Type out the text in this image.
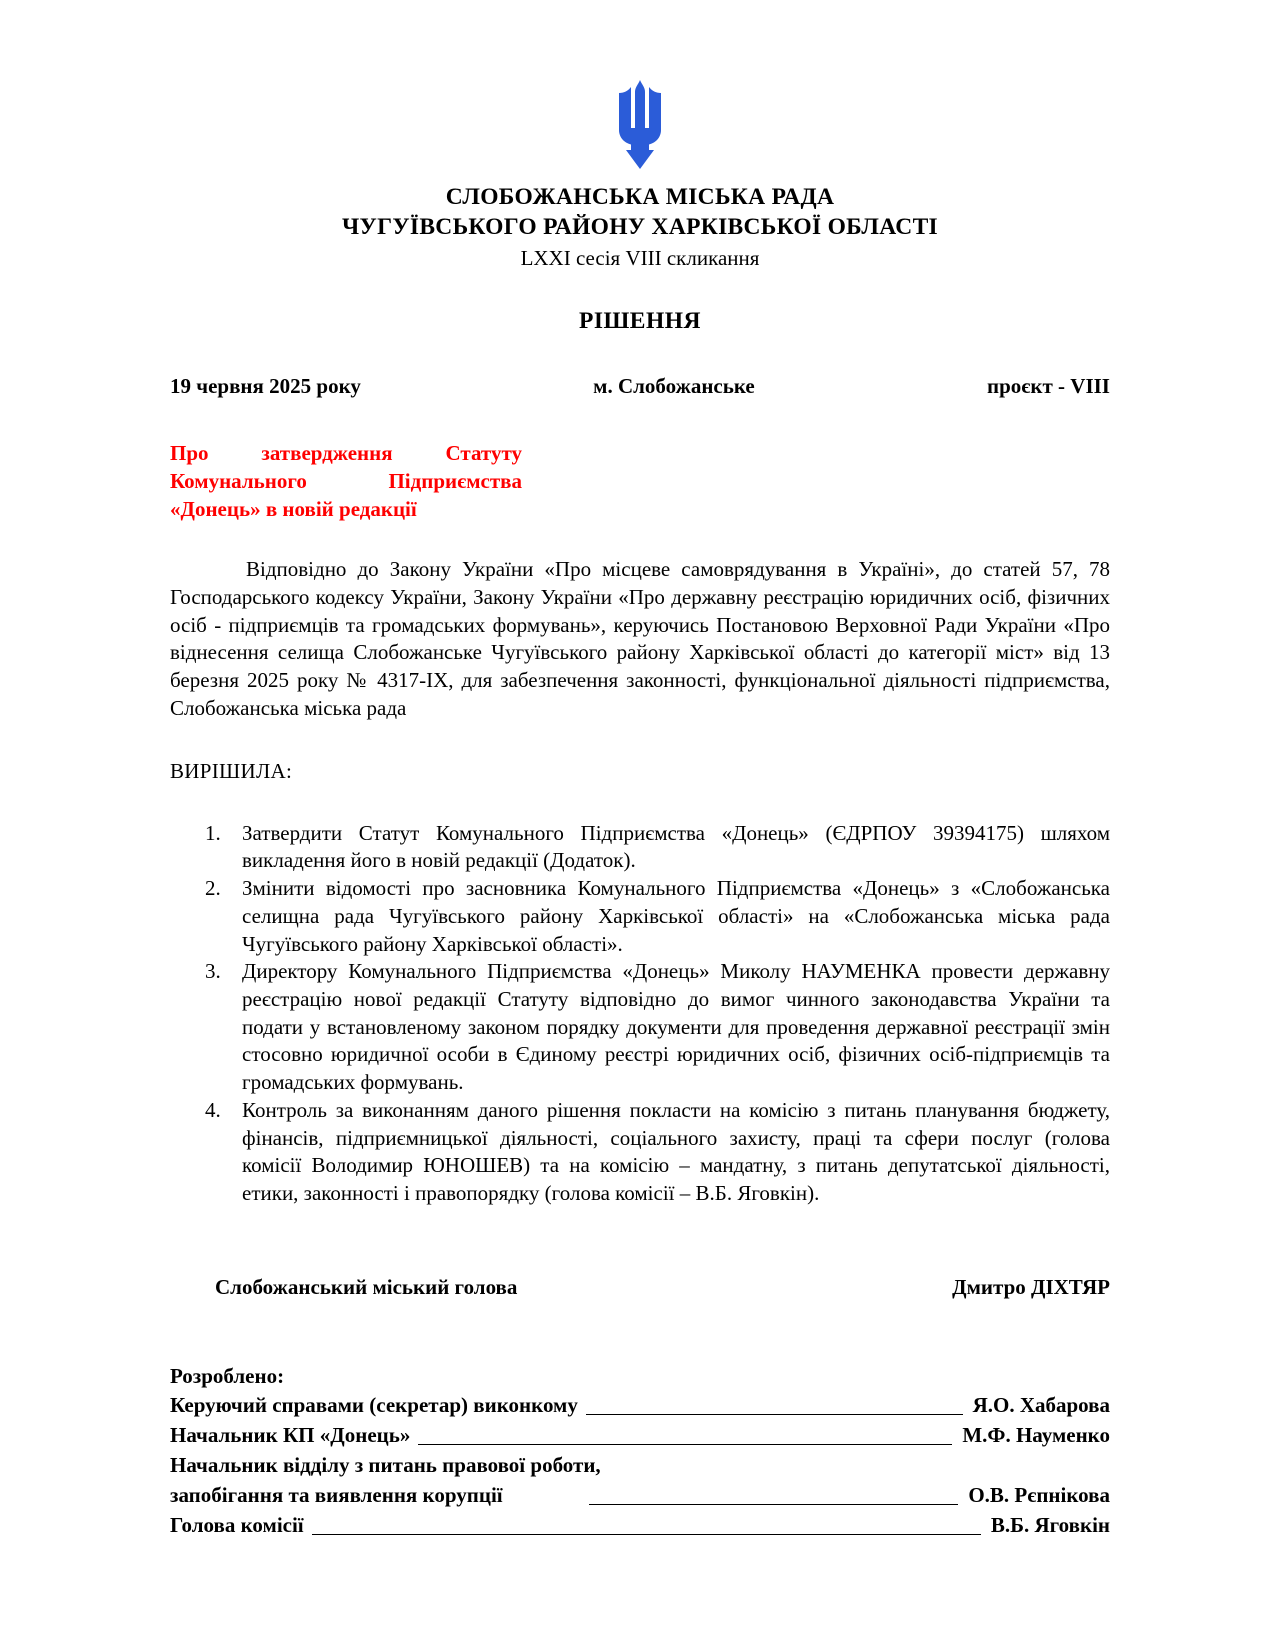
СЛОБОЖАНСЬКА МІСЬКА РАДА
ЧУГУЇВСЬКОГО РАЙОНУ ХАРКІВСЬКОЇ ОБЛАСТІ
LXXI сесія VIII скликання
РІШЕННЯ
19 червня 2025 року	м. Слобожанське	проєкт - VIII
Про затвердження Статуту
Комунального Підприємства
«Донець» в новій редакції
Відповідно до Закону України «Про місцеве самоврядування в Україні», до статей 57, 78 Господарського кодексу України, Закону України «Про державну реєстрацію юридичних осіб, фізичних осіб - підприємців та громадських формувань», керуючись Постановою Верховної Ради України «Про віднесення селища Слобожанське Чугуївського району Харківської області до категорії міст» від 13 березня 2025 року № 4317-IX, для забезпечення законності, функціональної діяльності підприємства, Слобожанська міська рада
ВИРІШИЛА:
1.	Затвердити Статут Комунального Підприємства «Донець» (ЄДРПОУ 39394175) шляхом викладення його в новій редакції (Додаток).
2.	Змінити відомості про засновника Комунального Підприємства «Донець» з «Слобожанська селищна рада Чугуївського району Харківської області» на «Слобожанська міська рада Чугуївського району Харківської області».
3.	Директору Комунального Підприємства «Донець» Миколу НАУМЕНКА провести державну реєстрацію нової редакції Статуту відповідно до вимог чинного законодавства України та подати у встановленому законом порядку документи для проведення державної реєстрації змін стосовно юридичної особи в Єдиному реєстрі юридичних осіб, фізичних осіб-підприємців та громадських формувань.
4.	Контроль за виконанням даного рішення покласти на комісію з питань планування бюджету, фінансів, підприємницької діяльності, соціального захисту, праці та сфери послуг (голова комісії Володимир ЮНОШЕВ) та на комісію – мандатну, з питань депутатської діяльності, етики, законності і правопорядку (голова комісії – В.Б. Яговкін).
Слобожанський міський голова	Дмитро ДІХТЯР
Розроблено:
Керуючий справами (секретар) виконкому	Я.О. Хабарова
Начальник КП «Донець»	М.Ф. Науменко
Начальник відділу з питань правової роботи,
запобігання та виявлення корупції	О.В. Рєпнікова
Голова комісії	В.Б. Яговкін
